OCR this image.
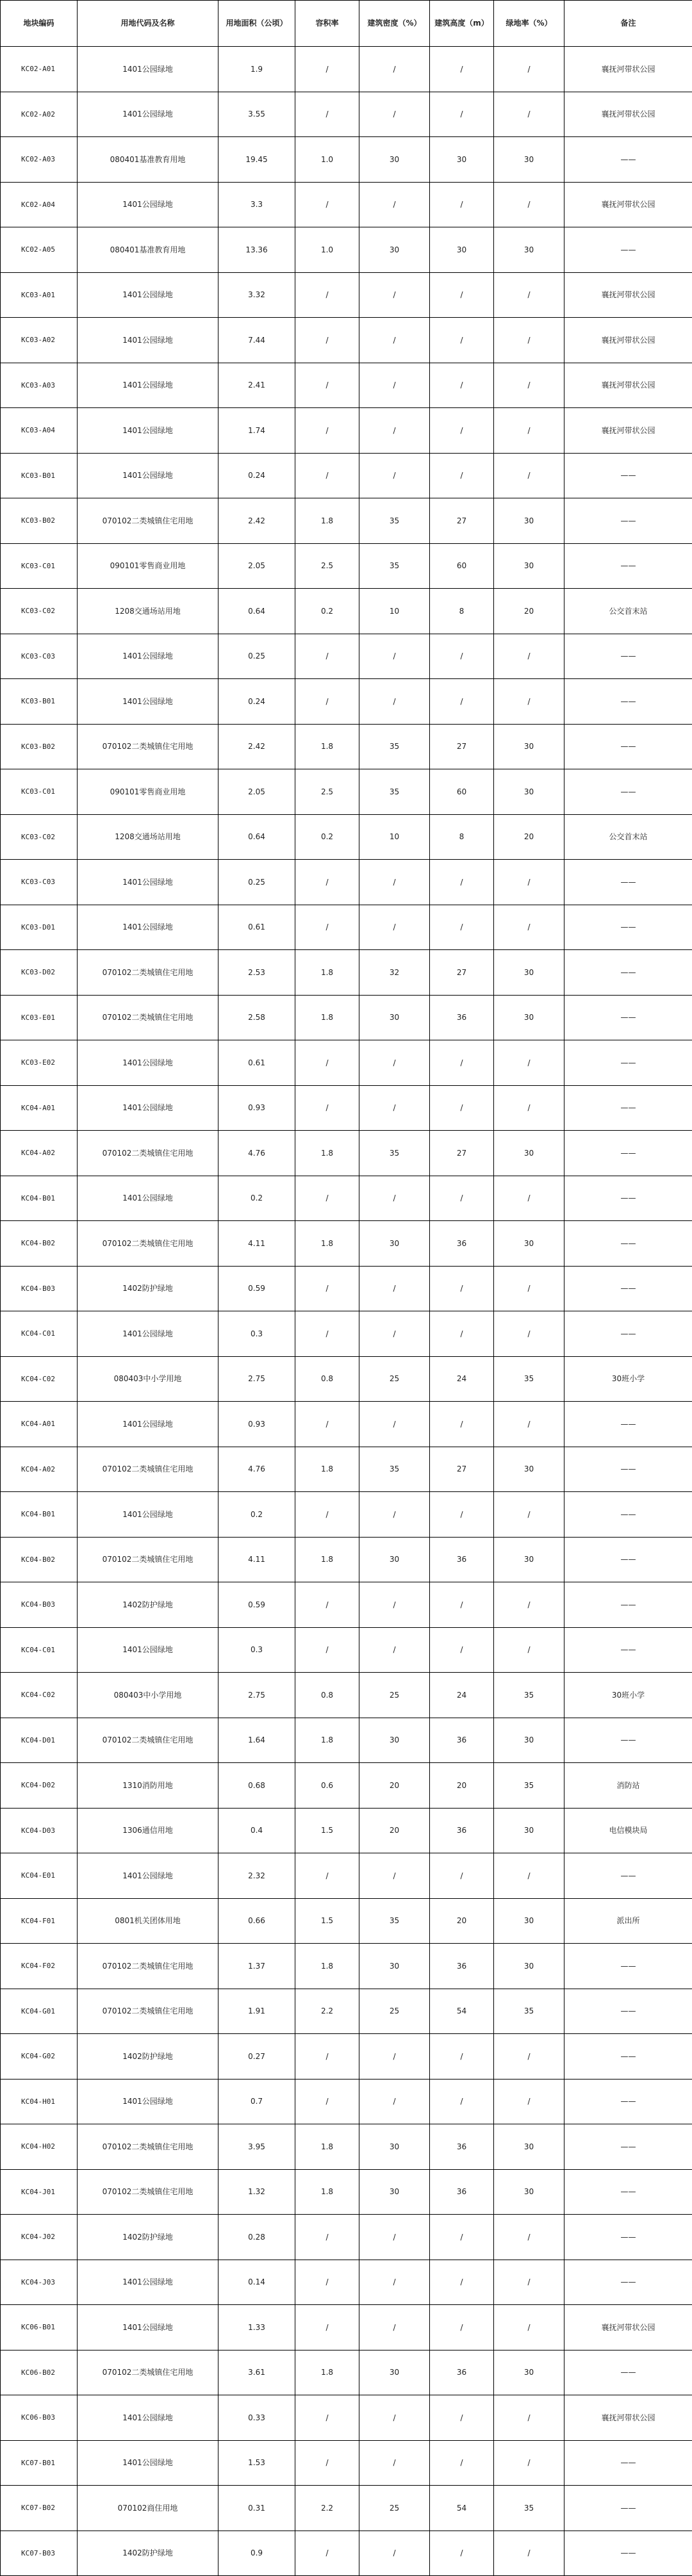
地块编码	用地代码及名称	用地面积（公顷）	容积率	建筑密度（%）	建筑高度（m）	绿地率（%）	备注
KC02-A01	1401公园绿地	1.9	/	/	/	/	襄抚河带状公园
KC02-A02	1401公园绿地	3.55	/	/	/	/	襄抚河带状公园
KC02-A03	080401基准教育用地	19.45	1.0	30	30	30	——
KC02-A04	1401公园绿地	3.3	/	/	/	/	襄抚河带状公园
KC02-A05	080401基准教育用地	13.36	1.0	30	30	30	——
KC03-A01	1401公园绿地	3.32	/	/	/	/	襄抚河带状公园
KC03-A02	1401公园绿地	7.44	/	/	/	/	襄抚河带状公园
KC03-A03	1401公园绿地	2.41	/	/	/	/	襄抚河带状公园
KC03-A04	1401公园绿地	1.74	/	/	/	/	襄抚河带状公园
KC03-B01	1401公园绿地	0.24	/	/	/	/	——
KC03-B02	070102二类城镇住宅用地	2.42	1.8	35	27	30	——
KC03-C01	090101零售商业用地	2.05	2.5	35	60	30	——
KC03-C02	1208交通场站用地	0.64	0.2	10	8	20	公交首末站
KC03-C03	1401公园绿地	0.25	/	/	/	/	——
KC03-B01	1401公园绿地	0.24	/	/	/	/	——
KC03-B02	070102二类城镇住宅用地	2.42	1.8	35	27	30	——
KC03-C01	090101零售商业用地	2.05	2.5	35	60	30	——
KC03-C02	1208交通场站用地	0.64	0.2	10	8	20	公交首末站
KC03-C03	1401公园绿地	0.25	/	/	/	/	——
KC03-D01	1401公园绿地	0.61	/	/	/	/	——
KC03-D02	070102二类城镇住宅用地	2.53	1.8	32	27	30	——
KC03-E01	070102二类城镇住宅用地	2.58	1.8	30	36	30	——
KC03-E02	1401公园绿地	0.61	/	/	/	/	——
KC04-A01	1401公园绿地	0.93	/	/	/	/	——
KC04-A02	070102二类城镇住宅用地	4.76	1.8	35	27	30	——
KC04-B01	1401公园绿地	0.2	/	/	/	/	——
KC04-B02	070102二类城镇住宅用地	4.11	1.8	30	36	30	——
KC04-B03	1402防护绿地	0.59	/	/	/	/	——
KC04-C01	1401公园绿地	0.3	/	/	/	/	——
KC04-C02	080403中小学用地	2.75	0.8	25	24	35	30班小学
KC04-A01	1401公园绿地	0.93	/	/	/	/	——
KC04-A02	070102二类城镇住宅用地	4.76	1.8	35	27	30	——
KC04-B01	1401公园绿地	0.2	/	/	/	/	——
KC04-B02	070102二类城镇住宅用地	4.11	1.8	30	36	30	——
KC04-B03	1402防护绿地	0.59	/	/	/	/	——
KC04-C01	1401公园绿地	0.3	/	/	/	/	——
KC04-C02	080403中小学用地	2.75	0.8	25	24	35	30班小学
KC04-D01	070102二类城镇住宅用地	1.64	1.8	30	36	30	——
KC04-D02	1310消防用地	0.68	0.6	20	20	35	消防站
KC04-D03	1306通信用地	0.4	1.5	20	36	30	电信模块局
KC04-E01	1401公园绿地	2.32	/	/	/	/	——
KC04-F01	0801机关团体用地	0.66	1.5	35	20	30	派出所
KC04-F02	070102二类城镇住宅用地	1.37	1.8	30	36	30	——
KC04-G01	070102二类城镇住宅用地	1.91	2.2	25	54	35	——
KC04-G02	1402防护绿地	0.27	/	/	/	/	——
KC04-H01	1401公园绿地	0.7	/	/	/	/	——
KC04-H02	070102二类城镇住宅用地	3.95	1.8	30	36	30	——
KC04-J01	070102二类城镇住宅用地	1.32	1.8	30	36	30	——
KC04-J02	1402防护绿地	0.28	/	/	/	/	——
KC04-J03	1401公园绿地	0.14	/	/	/	/	——
KC06-B01	1401公园绿地	1.33	/	/	/	/	襄抚河带状公园
KC06-B02	070102二类城镇住宅用地	3.61	1.8	30	36	30	——
KC06-B03	1401公园绿地	0.33	/	/	/	/	襄抚河带状公园
KC07-B01	1401公园绿地	1.53	/	/	/	/	——
KC07-B02	070102商住用地	0.31	2.2	25	54	35	——
KC07-B03	1402防护绿地	0.9	/	/	/	/	——
